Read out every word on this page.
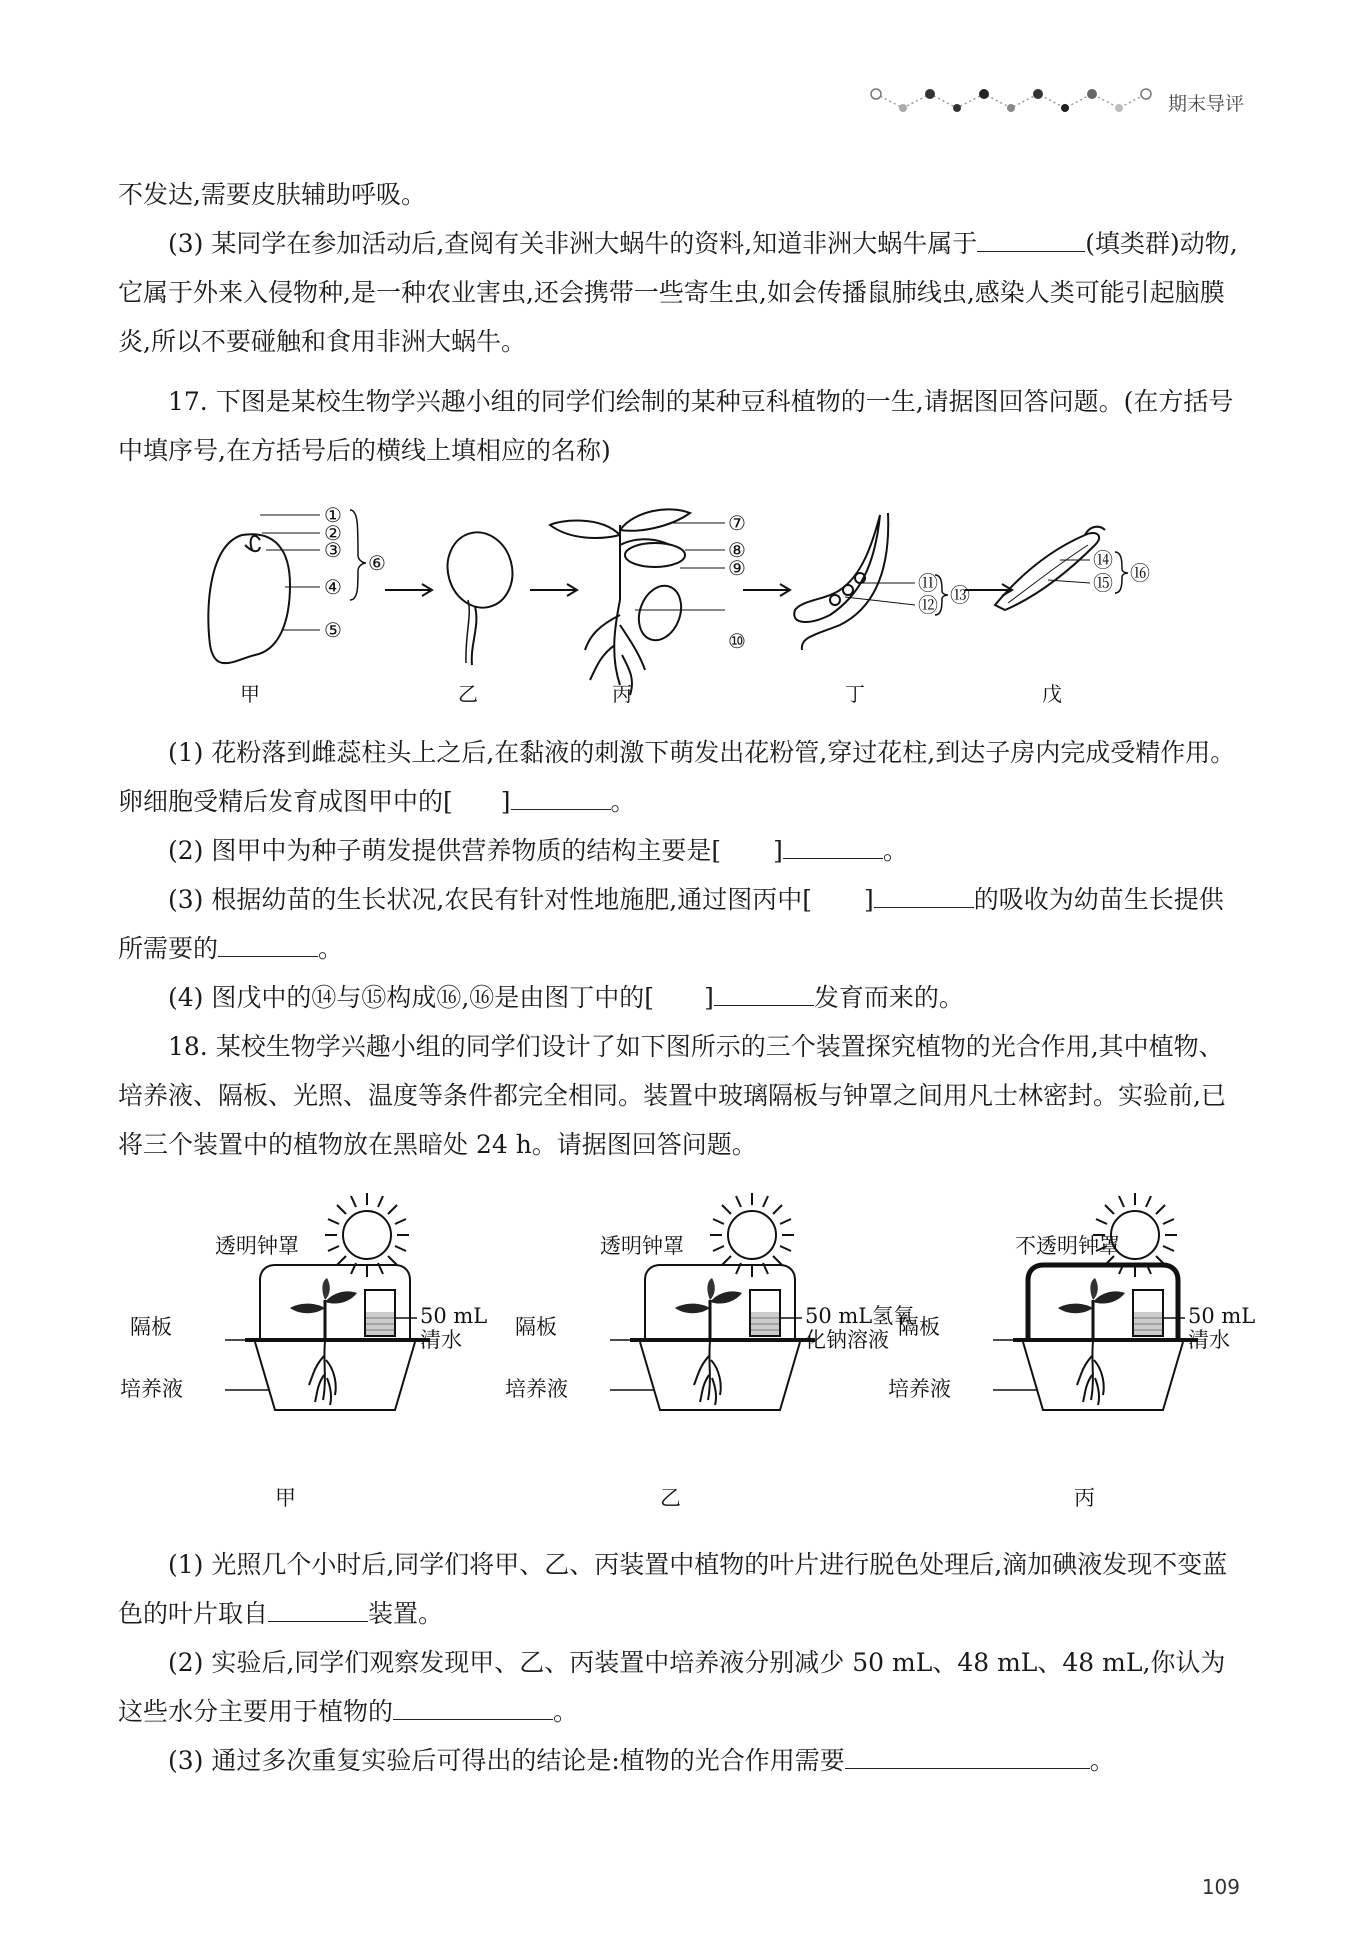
期末导评

不发达,需要皮肤辅助呼吸。

(3) 某同学在参加活动后,查阅有关非洲大蜗牛的资料,知道非洲大蜗牛属于	(填类群)动物,它属于外来入侵物种,是一种农业害虫,还会携带一些寄生虫,如会传播鼠肺线虫,感染人类可能引起脑膜炎,所以不要碰触和食用非洲大蜗牛。

17. 下图是某校生物学兴趣小组的同学们绘制的某种豆科植物的一生,请据图回答问题。(在方括号中填序号,在方括号后的横线上填相应的名称)

①
②
③
④
⑤
⑥
⑦
⑧
⑨
⑩
⑪
⑫ ⑬
⑭
⑮ ⑯
甲	乙	丙	丁	戊

(1) 花粉落到雌蕊柱头上之后,在黏液的刺激下萌发出花粉管,穿过花柱,到达子房内完成受精作用。卵细胞受精后发育成图甲中的[ ]	。

(2) 图甲中为种子萌发提供营养物质的结构主要是[ ]	。

(3) 根据幼苗的生长状况,农民有针对性地施肥,通过图丙中[ ]	的吸收为幼苗生长提供所需要的	。

(4) 图戊中的⑭与⑮构成⑯,⑯是由图丁中的[ ]	发育而来的。

18. 某校生物学兴趣小组的同学们设计了如下图所示的三个装置探究植物的光合作用,其中植物、培养液、隔板、光照、温度等条件都完全相同。装置中玻璃隔板与钟罩之间用凡士林密封。实验前,已将三个装置中的植物放在黑暗处 24 h。请据图回答问题。

透明钟罩
50 mL
清水
隔板
培养液
甲
透明钟罩
50 mL氢氧
化钠溶液
隔板
培养液
乙
不透明钟罩
50 mL
清水
隔板
培养液
丙

(1) 光照几个小时后,同学们将甲、乙、丙装置中植物的叶片进行脱色处理后,滴加碘液发现不变蓝色的叶片取自	装置。

(2) 实验后,同学们观察发现甲、乙、丙装置中培养液分别减少 50 mL、48 mL、48 mL,你认为这些水分主要用于植物的	。

(3) 通过多次重复实验后可得出的结论是:植物的光合作用需要	。

109
